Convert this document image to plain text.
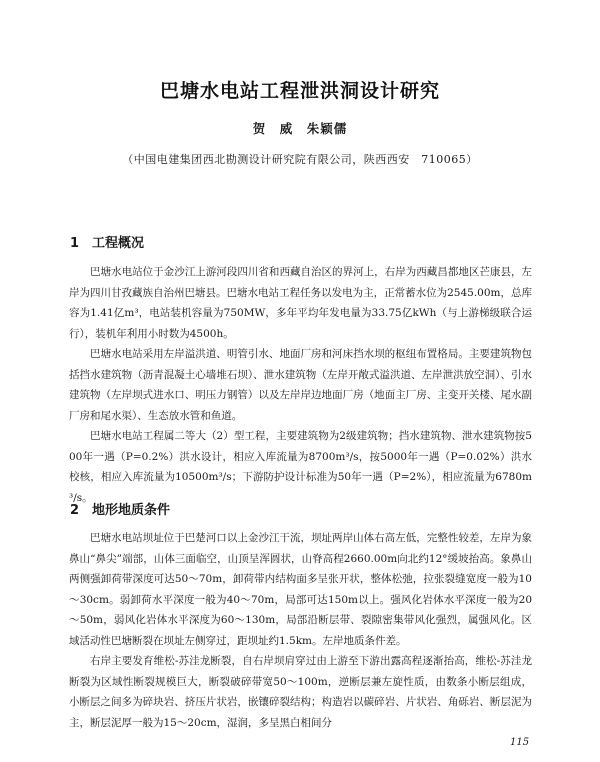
巴塘水电站工程泄洪洞设计研究
贺　威　朱颖儒
（中国电建集团西北勘测设计研究院有限公司，陕西西安　710065）
1 工程概况

巴塘水电站位于金沙江上游河段四川省和西藏自治区的界河上，右岸为西藏昌都地区芒康县，左岸为四川甘孜藏族自治州巴塘县。巴塘水电站工程任务以发电为主，正常蓄水位为2545.00m，总库容为1.41亿m³，电站装机容量为750MW，多年平均年发电量为33.75亿kWh（与上游梯级联合运行），装机年利用小时数为4500h。

巴塘水电站采用左岸溢洪道、明管引水、地面厂房和河床挡水坝的枢纽布置格局。主要建筑物包括挡水建筑物（沥青混凝土心墙堆石坝）、泄水建筑物（左岸开敞式溢洪道、左岸泄洪放空洞）、引水建筑物（左岸坝式进水口、明压力钢管）以及左岸岸边地面厂房（地面主厂房、主变开关楼、尾水副厂房和尾水渠）、生态放水管和鱼道。

巴塘水电站工程属二等大（2）型工程，主要建筑物为2级建筑物；挡水建筑物、泄水建筑物按500年一遇（P=0.2%）洪水设计，相应入库流量为8700m³/s，按5000年一遇（P=0.02%）洪水校核，相应入库流量为10500m³/s；下游防护设计标准为50年一遇（P=2%），相应流量为6780m³/s。

2 地形地质条件

巴塘水电站坝址位于巴楚河口以上金沙江干流，坝址两岸山体右高左低，完整性较差，左岸为象鼻山“鼻尖”端部，山体三面临空，山顶呈浑圆状，山脊高程2660.00m向北约12°缓坡抬高。象鼻山两侧强卸荷带深度可达50～70m，卸荷带内结构面多呈张开状，整体松弛，拉张裂缝宽度一般为10～30cm。弱卸荷水平深度一般为40～70m，局部可达150m以上。强风化岩体水平深度一般为20～50m，弱风化岩体水平深度为60～130m，局部沿断层带、裂隙密集带风化强烈，属强风化。区域活动性巴塘断裂在坝址左侧穿过，距坝址约1.5km。左岸地质条件差。

右岸主要发育维松-苏洼龙断裂，自右岸坝肩穿过由上游至下游出露高程逐渐抬高，维松-苏洼龙断裂为区域性断裂规模巨大，断裂破碎带宽50～100m，逆断层兼左旋性质，由数条小断层组成，小断层之间多为碎块岩、挤压片状岩，嵌镶碎裂结构；构造岩以碳碎岩、片状岩、角砾岩、断层泥为主，断层泥厚一般为15～20cm，湿润，多呈黑白相间分

115
